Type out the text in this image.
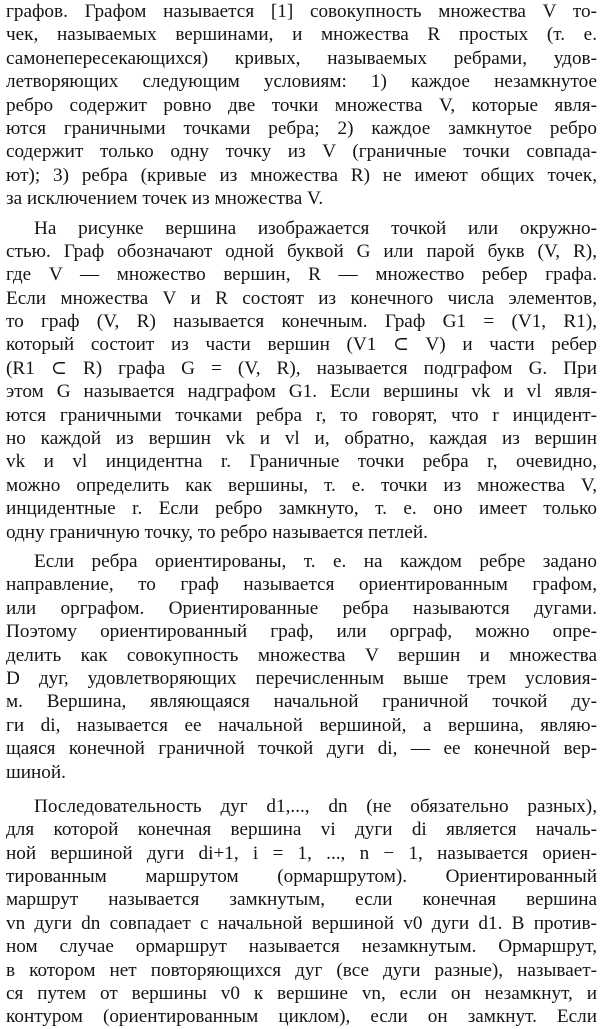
графов. Графом называется [1] совокупность множества V то-
чек, называемых вершинами, и множества R простых (т. е.
самонепересекающихся) кривых, называемых ребрами, удов-
летворяющих следующим условиям: 1) каждое незамкнутое
ребро содержит ровно две точки множества V, которые явля-
ются граничными точками ребра; 2) каждое замкнутое ребро
содержит только одну точку из V (граничные точки совпада-
ют); 3) ребра (кривые из множества R) не имеют общих точек,
за исключением точек из множества V.
На рисунке вершина изображается точкой или окружно-
стью. Граф обозначают одной буквой G или парой букв (V, R),
где V — множество вершин, R — множество ребер графа.
Если множества V и R состоят из конечного числа элементов,
то граф (V, R) называется конечным. Граф G1 = (V1, R1),
который состоит из части вершин (V1 ⊂ V) и части ребер
(R1 ⊂ R) графа G = (V, R), называется подграфом G. При
этом G называется надграфом G1. Если вершины vk и vl явля-
ются граничными точками ребра r, то говорят, что r инцидент-
но каждой из вершин vk и vl и, обратно, каждая из вершин
vk и vl инцидентна r. Граничные точки ребра r, очевидно,
можно определить как вершины, т. е. точки из множества V,
инцидентные r. Если ребро замкнуто, т. е. оно имеет только
одну граничную точку, то ребро называется петлей.
Если ребра ориентированы, т. е. на каждом ребре задано
направление, то граф называется ориентированным графом,
или орграфом. Ориентированные ребра называются дугами.
Поэтому ориентированный граф, или орграф, можно опре-
делить как совокупность множества V вершин и множества
D дуг, удовлетворяющих перечисленным выше трем условия-
м. Вершина, являющаяся начальной граничной точкой ду-
ги di, называется ее начальной вершиной, а вершина, являю-
щаяся конечной граничной точкой дуги di, — ее конечной вер-
шиной.
Последовательность дуг d1,..., dn (не обязательно разных),
для которой конечная вершина vi дуги di является началь-
ной вершиной дуги di+1, i = 1, ..., n − 1, называется ориен-
тированным маршрутом (ормаршрутом). Ориентированный
маршрут называется замкнутым, если конечная вершина
vn дуги dn совпадает с начальной вершиной v0 дуги d1. В против-
ном случае ормаршрут называется незамкнутым. Ормаршрут,
в котором нет повторяющихся дуг (все дуги разные), называет-
ся путем от вершины v0 к вершине vn, если он незамкнут, и
контуром (ориентированным циклом), если он замкнут. Если
